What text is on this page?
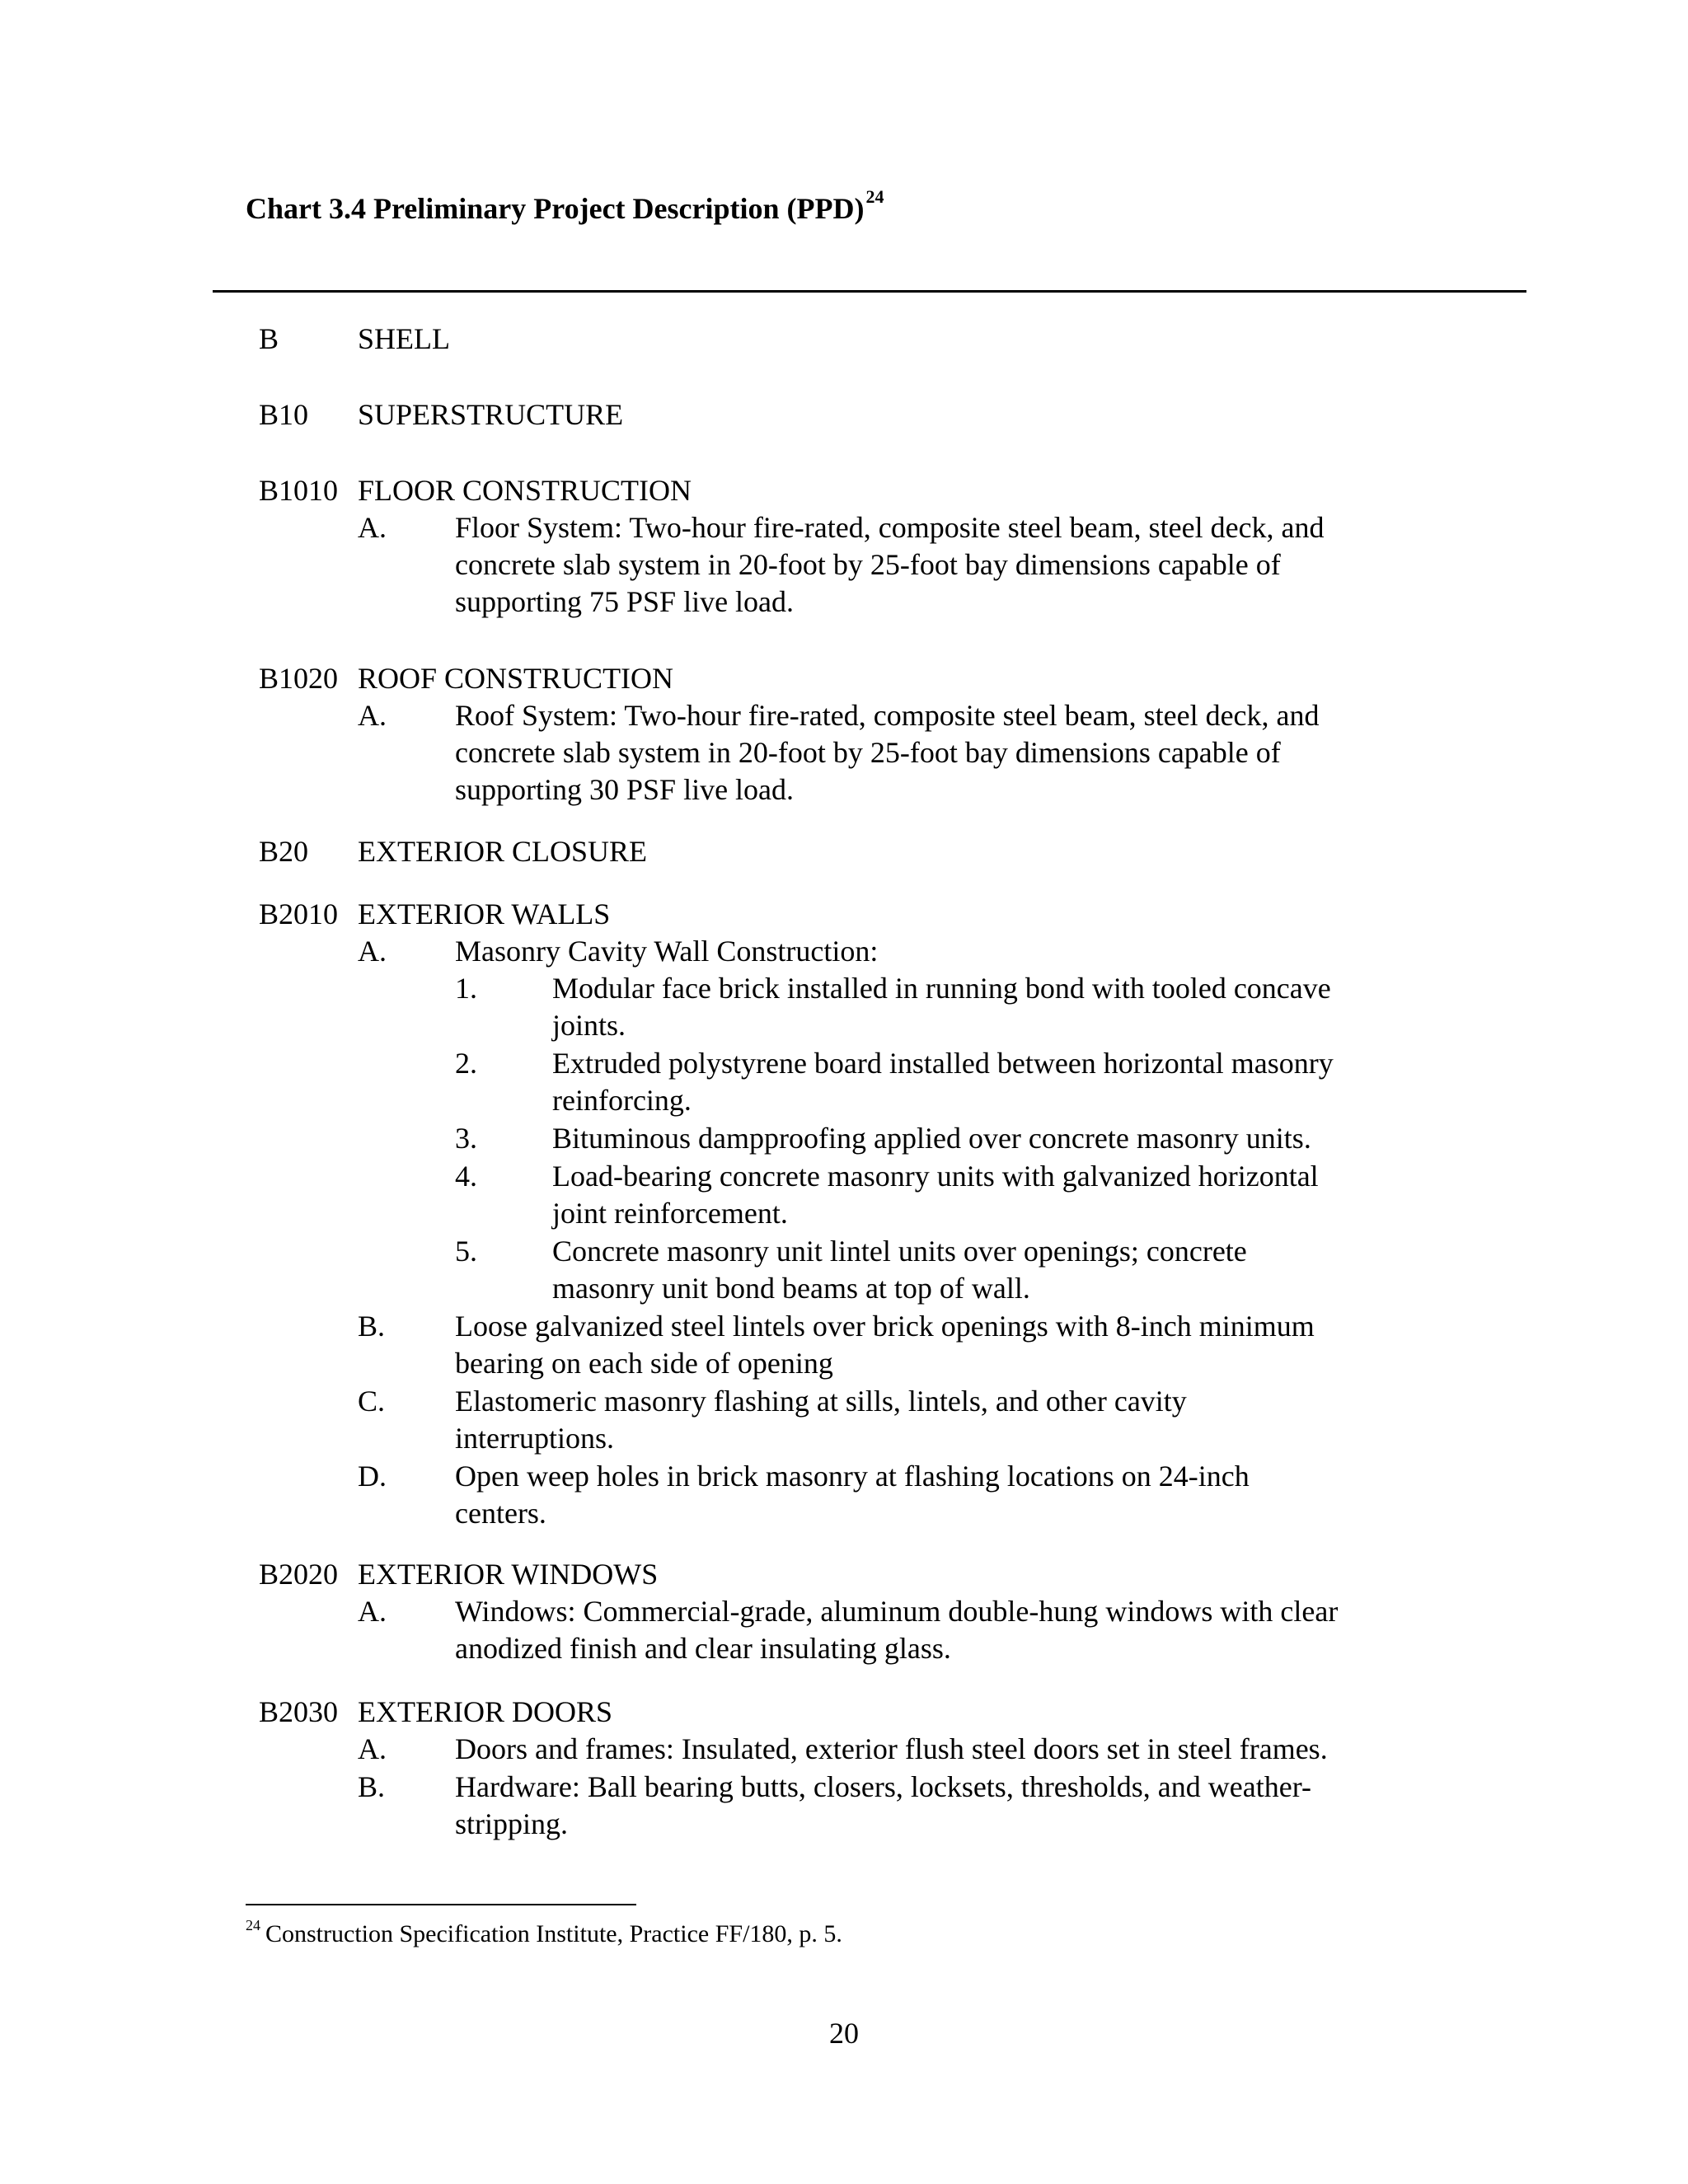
Chart 3.4 Preliminary Project Description (PPD)$^{24}$
B	SHELL
B10 SUPERSTRUCTURE
B1010 FLOOR CONSTRUCTION
A. Floor System: Two-hour fire-rated, composite steel beam, steel deck, and
concrete slab system in 20-foot by 25-foot bay dimensions capable of
supporting 75 PSF live load.
B1020 ROOF CONSTRUCTION
A. Roof System: Two-hour fire-rated, composite steel beam, steel deck, and
concrete slab system in 20-foot by 25-foot bay dimensions capable of
supporting 30 PSF live load.
B20 EXTERIOR CLOSURE
B2010 EXTERIOR WALLS
A. Masonry Cavity Wall Construction:
1.	Modular face brick installed in running bond with tooled concave
joints.
2.	Extruded polystyrene board installed between horizontal masonry
reinforcing.
3.	Bituminous dampproofing applied over concrete masonry units.
4.	Load-bearing concrete masonry units with galvanized horizontal
joint reinforcement.
5.	Concrete masonry unit lintel units over openings; concrete
masonry unit bond beams at top of wall.
B. Loose galvanized steel lintels over brick openings with 8-inch minimum
bearing on each side of opening
C. Elastomeric masonry flashing at sills, lintels, and other cavity
interruptions.
D. Open weep holes in brick masonry at flashing locations on 24-inch
centers.
B2020 EXTERIOR WINDOWS
A. Windows: Commercial-grade, aluminum double-hung windows with clear
anodized finish and clear insulating glass.
B2030 EXTERIOR DOORS
A. Doors and frames: Insulated, exterior flush steel doors set in steel frames.
B. Hardware: Ball bearing butts, closers, locksets, thresholds, and weather-
stripping.
$^{24}$ Construction Specification Institute, Practice FF/180, p. 5.
20
